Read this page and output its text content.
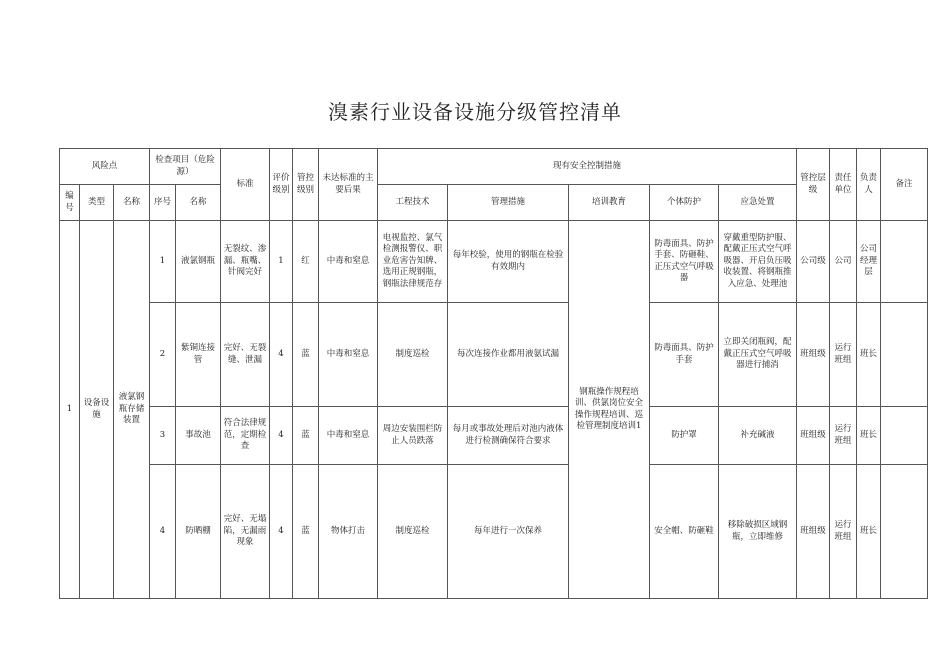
溴素行业设备设施分级管控清单
风险点			检查项目（危险源）		标准	评价级别	管控级别	未达标准的主要后果	现有安全控制措施					管控层级	责任单位	负责人	备注
编号	类型	名称	序号	名称					工程技术	管理措施	培训教育	个体防护	应急处置				
1	设备设施	液氯钢瓶存储装置	1	液氯钢瓶	无裂纹、渗漏、瓶嘴、针阀完好	1	红	中毒和窒息	电视监控、氯气检测报警仪、职业危害告知牌、选用正规钢瓶，钢瓶法律规范存	每年校验，使用的钢瓶在检验有效期内	钢瓶操作规程培训、供氯岗位安全操作规程培训、巡检管理制度培训1	防毒面具、防护手套、防砸鞋、正压式空气呼吸器	穿戴重型防护服、配戴正压式空气呼吸器、开启负压吸收装置、将钢瓶推入应急、处理池	公司级	公司	公司经理层	
			2	紫铜连接管	完好、无裂缝、泄漏	4	蓝	中毒和窒息	制度巡检	每次连接作业都用液氨试漏		防毒面具、防护手套	立即关闭瓶阀，配戴正压式空气呼吸器进行捕消	班组级	运行班组	班长	
			3	事故池	符合法律规范，定期检查	4	蓝	中毒和窒息	周边安装围栏防止人员跌落	每月或事故处理后对池内液体进行检测确保符合要求		防护罩	补充碱液	班组级	运行班组	班长	
			4	防晒棚	完好、无塌陷，无漏雨现象	4	蓝	物体打击	制度巡检	每年进行一次保养		安全帽、防砸鞋	移除破损区域钢瓶，立即维修	班组级	运行班组	班长	
